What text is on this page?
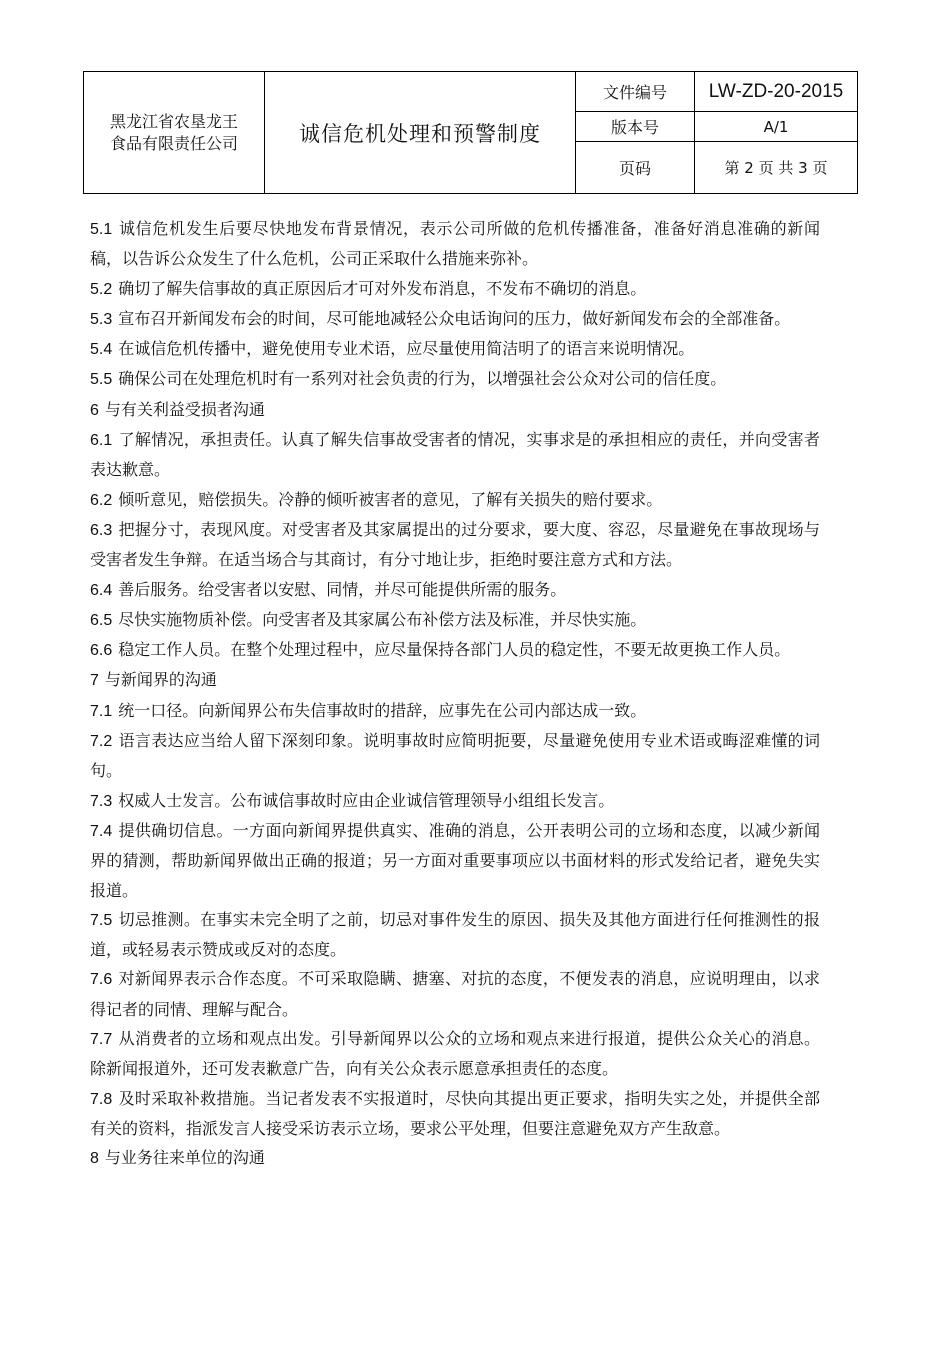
黑龙江省农垦龙王
食品有限责任公司	诚信危机处理和预警制度	文件编号	LW-ZD-20-2015
		版本号	A/1
		页码	第 2 页 共 3 页

5.1 诚信危机发生后要尽快地发布背景情况，表示公司所做的危机传播准备，准备好消息准确的新闻稿，以告诉公众发生了什么危机，公司正采取什么措施来弥补。

5.2 确切了解失信事故的真正原因后才可对外发布消息，不发布不确切的消息。

5.3 宣布召开新闻发布会的时间，尽可能地减轻公众电话询问的压力，做好新闻发布会的全部准备。

5.4 在诚信危机传播中，避免使用专业术语，应尽量使用简洁明了的语言来说明情况。

5.5 确保公司在处理危机时有一系列对社会负责的行为，以增强社会公众对公司的信任度。

6 与有关利益受损者沟通

6.1 了解情况，承担责任。认真了解失信事故受害者的情况，实事求是的承担相应的责任，并向受害者表达歉意。

6.2 倾听意见，赔偿损失。冷静的倾听被害者的意见，了解有关损失的赔付要求。

6.3 把握分寸，表现风度。对受害者及其家属提出的过分要求，要大度、容忍，尽量避免在事故现场与受害者发生争辩。在适当场合与其商讨，有分寸地让步，拒绝时要注意方式和方法。

6.4 善后服务。给受害者以安慰、同情，并尽可能提供所需的服务。

6.5 尽快实施物质补偿。向受害者及其家属公布补偿方法及标准，并尽快实施。

6.6 稳定工作人员。在整个处理过程中，应尽量保持各部门人员的稳定性，不要无故更换工作人员。

7 与新闻界的沟通

7.1 统一口径。向新闻界公布失信事故时的措辞，应事先在公司内部达成一致。

7.2 语言表达应当给人留下深刻印象。说明事故时应简明扼要，尽量避免使用专业术语或晦涩难懂的词句。

7.3 权威人士发言。公布诚信事故时应由企业诚信管理领导小组组长发言。

7.4 提供确切信息。一方面向新闻界提供真实、准确的消息，公开表明公司的立场和态度，以减少新闻界的猜测，帮助新闻界做出正确的报道；另一方面对重要事项应以书面材料的形式发给记者，避免失实报道。

7.5 切忌推测。在事实未完全明了之前，切忌对事件发生的原因、损失及其他方面进行任何推测性的报道，或轻易表示赞成或反对的态度。

7.6 对新闻界表示合作态度。不可采取隐瞒、搪塞、对抗的态度，不便发表的消息，应说明理由，以求得记者的同情、理解与配合。

7.7 从消费者的立场和观点出发。引导新闻界以公众的立场和观点来进行报道，提供公众关心的消息。除新闻报道外，还可发表歉意广告，向有关公众表示愿意承担责任的态度。

7.8 及时采取补救措施。当记者发表不实报道时，尽快向其提出更正要求，指明失实之处，并提供全部有关的资料，指派发言人接受采访表示立场，要求公平处理，但要注意避免双方产生敌意。

8 与业务往来单位的沟通
